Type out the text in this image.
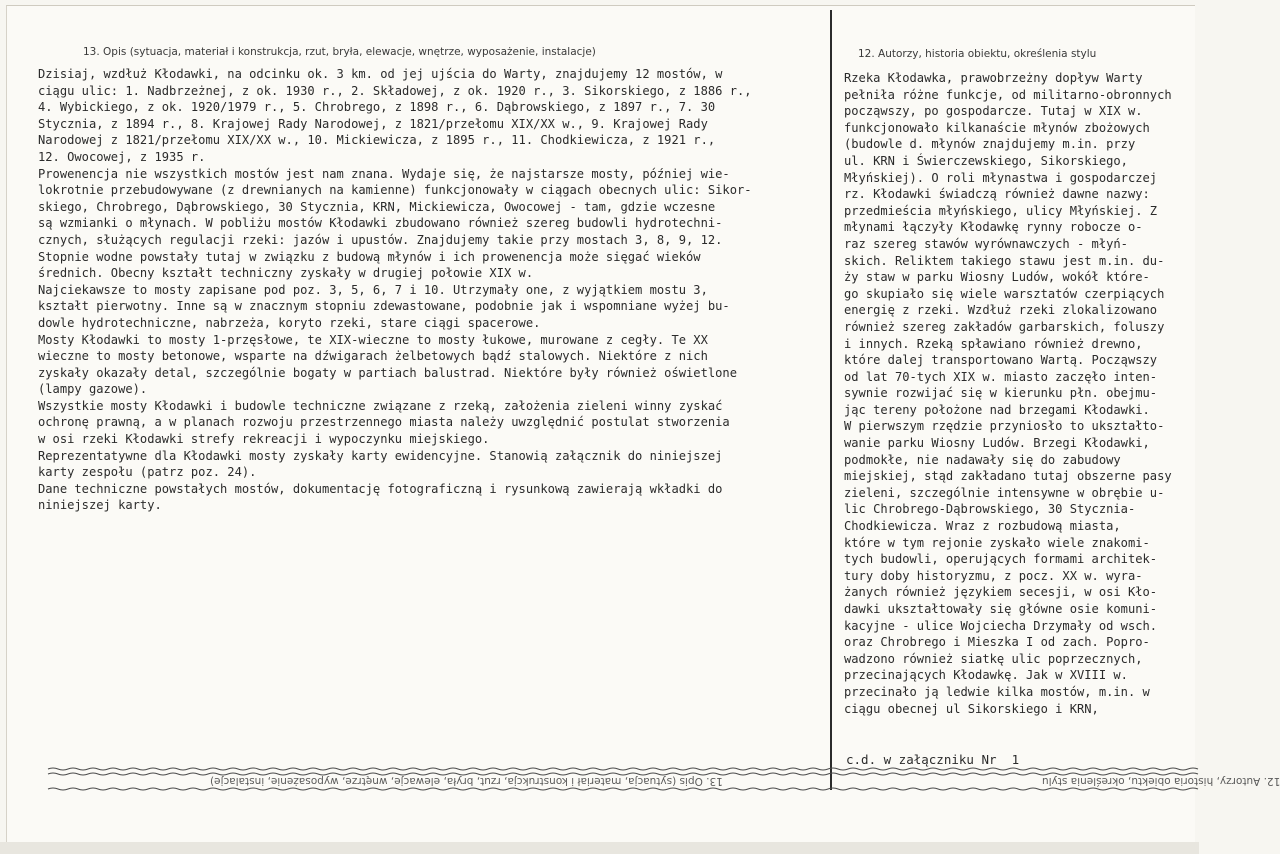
13. Opis (sytuacja, materiał i konstrukcja, rzut, bryła, elewacje, wnętrze, wyposażenie, instalacje)	12. Autorzy, historia obiektu, określenia stylu
Dzisiaj, wzdłuż Kłodawki, na odcinku ok. 3 km. od jej ujścia do Warty, znajdujemy 12 mostów, w
ciągu ulic: 1. Nadbrzeżnej, z ok. 1930 r., 2. Składowej, z ok. 1920 r., 3. Sikorskiego, z 1886 r.,
4. Wybickiego, z ok. 1920/1979 r., 5. Chrobrego, z 1898 r., 6. Dąbrowskiego, z 1897 r., 7. 30
Stycznia, z 1894 r., 8. Krajowej Rady Narodowej, z 1821/przełomu XIX/XX w., 9. Krajowej Rady
Narodowej z 1821/przełomu XIX/XX w., 10. Mickiewicza, z 1895 r., 11. Chodkiewicza, z 1921 r.,
12. Owocowej, z 1935 r.
Prowenencja nie wszystkich mostów jest nam znana. Wydaje się, że najstarsze mosty, później wie-
lokrotnie przebudowywane (z drewnianych na kamienne) funkcjonowały w ciągach obecnych ulic: Sikor-
skiego, Chrobrego, Dąbrowskiego, 30 Stycznia, KRN, Mickiewicza, Owocowej - tam, gdzie wczesne
są wzmianki o młynach. W pobliżu mostów Kłodawki zbudowano również szereg budowli hydrotechni-
cznych, służących regulacji rzeki: jazów i upustów. Znajdujemy takie przy mostach 3, 8, 9, 12.
Stopnie wodne powstały tutaj w związku z budową młynów i ich prowenencja może sięgać wieków
średnich. Obecny kształt techniczny zyskały w drugiej połowie XIX w.
Najciekawsze to mosty zapisane pod poz. 3, 5, 6, 7 i 10. Utrzymały one, z wyjątkiem mostu 3,
kształt pierwotny. Inne są w znacznym stopniu zdewastowane, podobnie jak i wspomniane wyżej bu-
dowle hydrotechniczne, nabrzeża, koryto rzeki, stare ciągi spacerowe.
Mosty Kłodawki to mosty 1-przęsłowe, te XIX-wieczne to mosty łukowe, murowane z cegły. Te XX
wieczne to mosty betonowe, wsparte na dźwigarach żelbetowych bądź stalowych. Niektóre z nich
zyskały okazały detal, szczególnie bogaty w partiach balustrad. Niektóre były również oświetlone
(lampy gazowe).
Wszystkie mosty Kłodawki i budowle techniczne związane z rzeką, założenia zieleni winny zyskać
ochronę prawną, a w planach rozwoju przestrzennego miasta należy uwzględnić postulat stworzenia
w osi rzeki Kłodawki strefy rekreacji i wypoczynku miejskiego.
Reprezentatywne dla Kłodawki mosty zyskały karty ewidencyjne. Stanowią załącznik do niniejszej
karty zespołu (patrz poz. 24).
Dane techniczne powstałych mostów, dokumentację fotograficzną i rysunkową zawierają wkładki do
niniejszej karty.
Rzeka Kłodawka, prawobrzeżny dopływ Warty
pełniła różne funkcje, od militarno-obronnych
począwszy, po gospodarcze. Tutaj w XIX w.
funkcjonowało kilkanaście młynów zbożowych
(budowle d. młynów znajdujemy m.in. przy
ul. KRN i Świerczewskiego, Sikorskiego,
Młyńskiej). O roli młynastwa i gospodarczej
rz. Kłodawki świadczą również dawne nazwy:
przedmieścia młyńskiego, ulicy Młyńskiej. Z
młynami łączyły Kłodawkę rynny robocze o-
raz szereg stawów wyrównawczych - młyń-
skich. Reliktem takiego stawu jest m.in. du-
ży staw w parku Wiosny Ludów, wokół które-
go skupiało się wiele warsztatów czerpiących
energię z rzeki. Wzdłuż rzeki zlokalizowano
również szereg zakładów garbarskich, foluszy
i innych. Rzeką spławiano również drewno,
które dalej transportowano Wartą. Począwszy
od lat 70-tych XIX w. miasto zaczęło inten-
sywnie rozwijać się w kierunku płn. obejmu-
jąc tereny położone nad brzegami Kłodawki.
W pierwszym rzędzie przyniosło to ukształto-
wanie parku Wiosny Ludów. Brzegi Kłodawki,
podmokłe, nie nadawały się do zabudowy
miejskiej, stąd zakładano tutaj obszerne pasy
zieleni, szczególnie intensywne w obrębie u-
lic Chrobrego-Dąbrowskiego, 30 Stycznia-
Chodkiewicza. Wraz z rozbudową miasta,
które w tym rejonie zyskało wiele znakomi-
tych budowli, operujących formami architek-
tury doby historyzmu, z pocz. XX w. wyra-
żanych również językiem secesji, w osi Kło-
dawki ukształtowały się główne osie komuni-
kacyjne - ulice Wojciecha Drzymały od wsch.
oraz Chrobrego i Mieszka I od zach. Popro-
wadzono również siatkę ulic poprzecznych,
przecinających Kłodawkę. Jak w XVIII w.
przecinało ją ledwie kilka mostów, m.in. w
ciągu obecnej ul Sikorskiego i KRN,
c.d. w załączniku Nr  1
13. Opis (sytuacja, materiał i konstrukcja, rzut, bryła, elewacje, wnętrze, wyposażenie, instalacje)	12. Autorzy, historia obiektu, określenia stylu
